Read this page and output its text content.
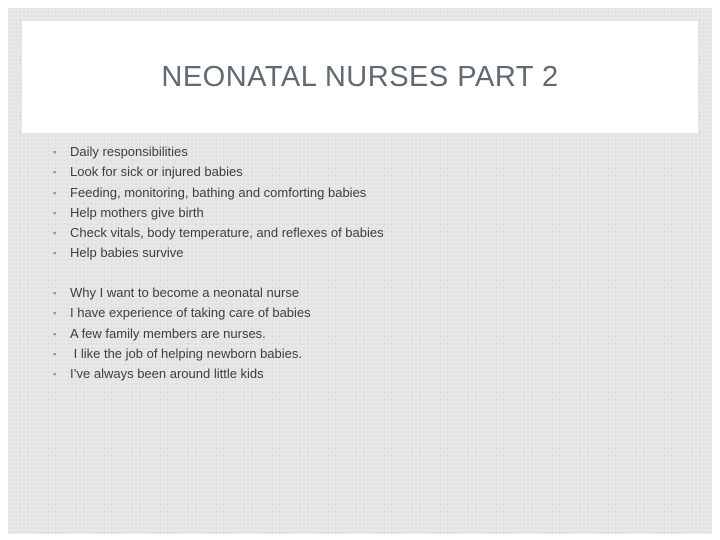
NEONATAL NURSES PART 2
▪ Daily responsibilities
▪ Look for sick or injured babies
▪ Feeding, monitoring, bathing and comforting babies
▪ Help mothers give birth
▪ Check vitals, body temperature, and reflexes of babies
▪ Help babies survive
▪ Why I want to become a neonatal nurse
▪ I have experience of taking care of babies
▪ A few family members are nurses.
▪ I like the job of helping newborn babies.
▪ I’ve always been around little kids
